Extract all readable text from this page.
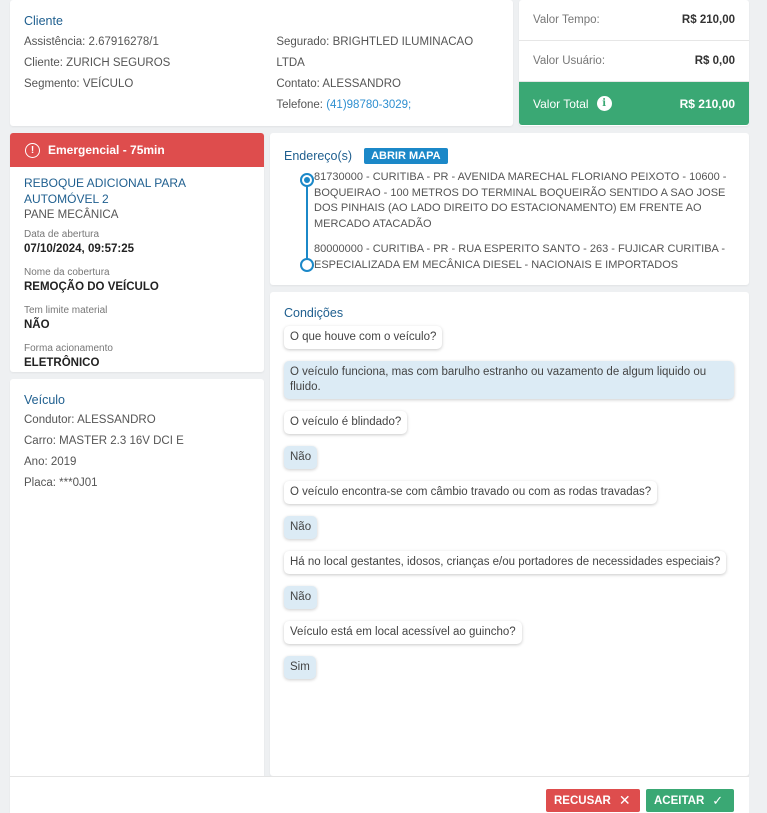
Cliente
Assistência: 2.67916278/1
Cliente: ZURICH SEGUROS
Segmento: VEÍCULO
Segurado: BRIGHTLED ILUMINACAO LTDA
Contato: ALESSANDRO
Telefone: (41)98780-3029;
Valor Tempo:	R$ 210,00
Valor Usuário:	R$ 0,00
Valor Total	i	R$ 210,00
!	Emergencial - 75min
REBOQUE ADICIONAL PARA AUTOMÓVEL 2
PANE MECÂNICA
Data de abertura
07/10/2024, 09:57:25
Nome da cobertura
REMOÇÃO DO VEÍCULO
Tem limite material
NÃO
Forma acionamento
ELETRÔNICO
Veículo
Condutor: ALESSANDRO
Carro: MASTER 2.3 16V DCI E
Ano: 2019
Placa: ***0J01
Endereço(s)	ABRIR MAPA
81730000 - CURITIBA - PR - AVENIDA MARECHAL FLORIANO PEIXOTO - 10600 - BOQUEIRAO - 100 METROS DO TERMINAL BOQUEIRÃO SENTIDO A SAO JOSE DOS PINHAIS (AO LADO DIREITO DO ESTACIONAMENTO) EM FRENTE AO MERCADO ATACADÃO
80000000 - CURITIBA - PR - RUA ESPERITO SANTO - 263 - FUJICAR CURITIBA - ESPECIALIZADA EM MECÂNICA DIESEL - NACIONAIS E IMPORTADOS
Condições
O que houve com o veículo?
O veículo funciona, mas com barulho estranho ou vazamento de algum liquido ou fluido.
O veículo é blindado?
Não
O veículo encontra-se com câmbio travado ou com as rodas travadas?
Não
Há no local gestantes, idosos, crianças e/ou portadores de necessidades especiais?
Não
Veículo está em local acessível ao guincho?
Sim
RECUSAR ✕ ACEITAR ✓
